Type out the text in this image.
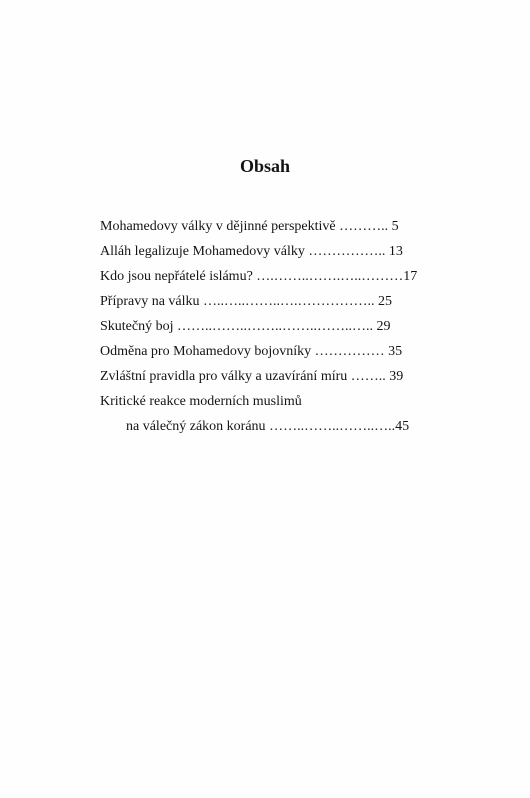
Obsah
Mohamedovy války v dějinné perspektivě ……….. 5
Alláh legalizuje Mohamedovy války …………….. 13
Kdo jsou nepřátelé islámu? ….……..…….…..………17
Přípravy na válku …..…..……..….…………….. 25
Skutečný boj ……..……..……..……..……..….. 29
Odměna pro Mohamedovy bojovníky …………… 35
Zvláštní pravidla pro války a uzavírání míru …….. 39
Kritické reakce moderních muslimů
na válečný zákon koránu ……..……..……..…..45
